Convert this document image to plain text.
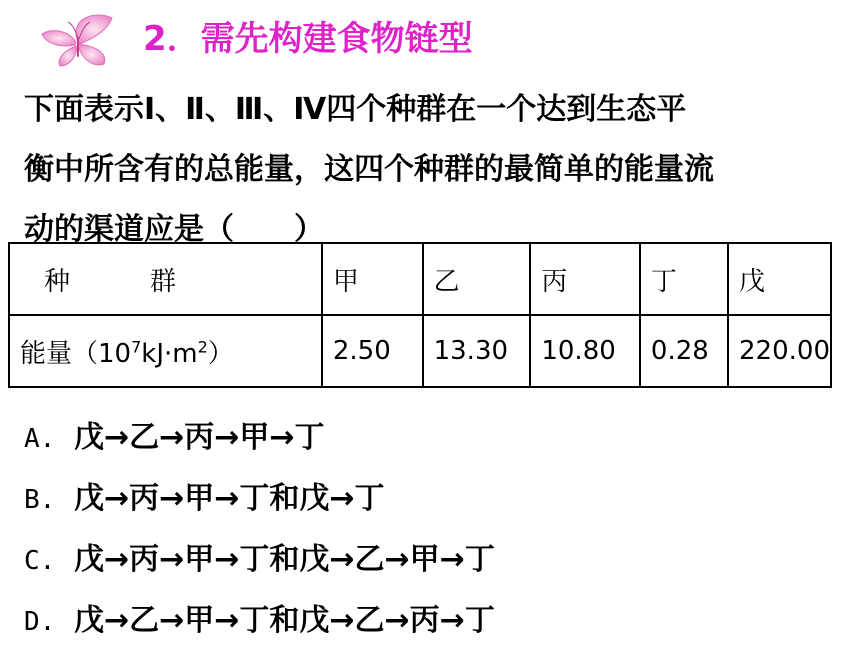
2．需先构建食物链型

下面表示Ⅰ、Ⅱ、Ⅲ、Ⅳ四个种群在一个达到生态平

衡中所含有的总能量，这四个种群的最简单的能量流

动的渠道应是（　　）

种 群	甲	乙	丙	丁	戊
能量$(10^7kJ\cdot m^2)$	2.50	13.30	10.80	0.28	220.00
A. 戊→乙→丙→甲→丁
B. 戊→丙→甲→丁和戊→丁
C. 戊→丙→甲→丁和戊→乙→甲→丁
D. 戊→乙→甲→丁和戊→乙→丙→丁
